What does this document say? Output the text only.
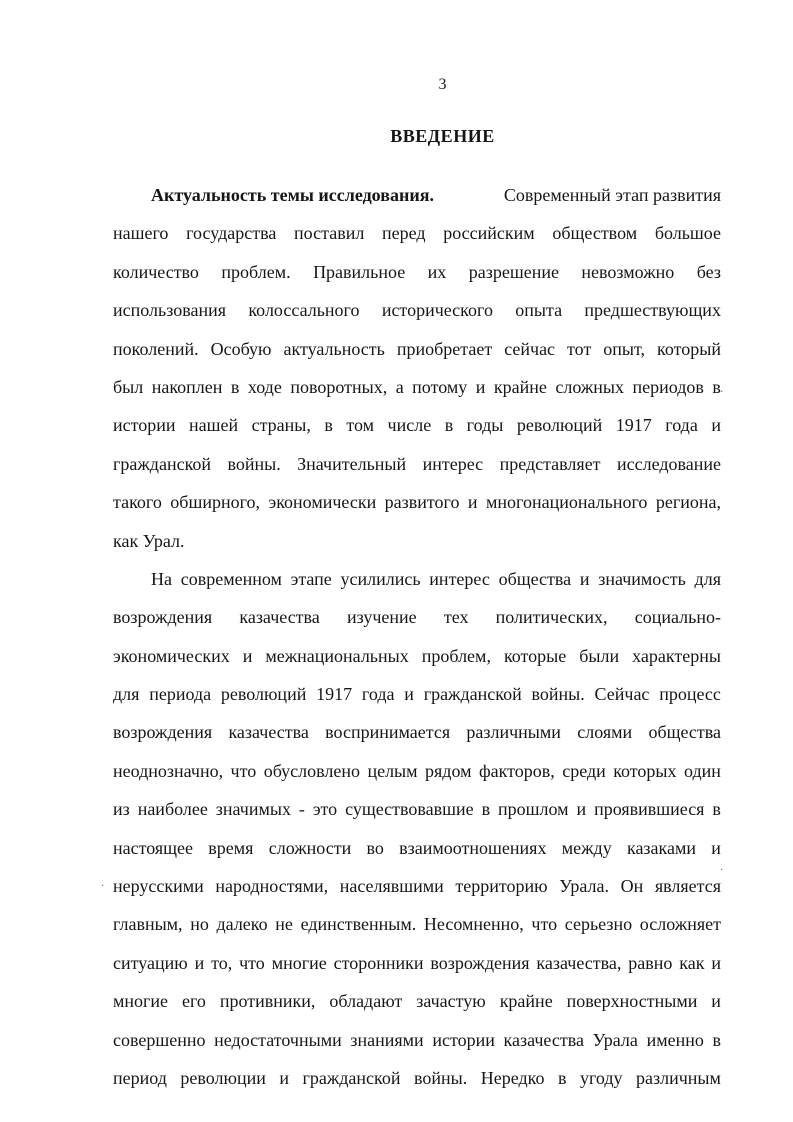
3
ВВЕДЕНИЕ
Актуальность темы исследования.	Современный этап развития
нашего государства поставил перед российским обществом большое
количество проблем. Правильное их разрешение невозможно без
использования колоссального исторического опыта предшествующих
поколений. Особую актуальность приобретает сейчас тот опыт, который
был накоплен в ходе поворотных, а потому и крайне сложных периодов в
истории нашей страны, в том числе в годы революций 1917 года и
гражданской войны. Значительный интерес представляет исследование
такого обширного, экономически развитого и многонационального региона,
как Урал.
На современном этапе усилились интерес общества и значимость для
возрождения казачества изучение тех политических, социально-
экономических и межнациональных проблем, которые были характерны
для периода революций 1917 года и гражданской войны. Сейчас процесс
возрождения казачества воспринимается различными слоями общества
неоднозначно, что обусловлено целым рядом факторов, среди которых один
из наиболее значимых - это существовавшие в прошлом и проявившиеся в
настоящее время сложности во взаимоотношениях между казаками и
нерусскими народностями, населявшими территорию Урала. Он является
главным, но далеко не единственным. Несомненно, что серьезно осложняет
ситуацию и то, что многие сторонники возрождения казачества, равно как и
многие его противники, обладают зачастую крайне поверхностными и
совершенно недостаточными знаниями истории казачества Урала именно в
период революции и гражданской войны. Нередко в угоду различным
·
·
·
